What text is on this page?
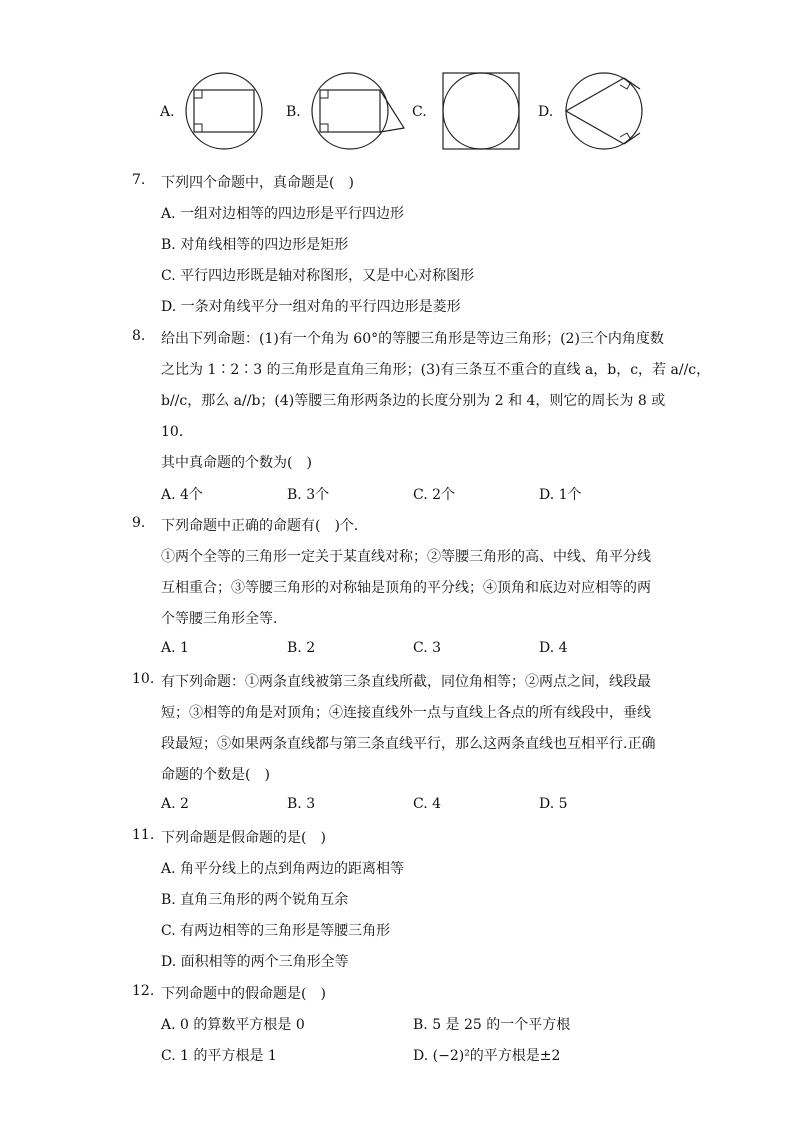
A.	B.	C.	D.
7. 下列四个命题中，真命题是(　)
A. 一组对边相等的四边形是平行四边形
B. 对角线相等的四边形是矩形
C. 平行四边形既是轴对称图形，又是中心对称图形
D. 一条对角线平分一组对角的平行四边形是菱形
8. 给出下列命题：(1)有一个角为 60°的等腰三角形是等边三角形；(2)三个内角度数
之比为 1∶2∶3 的三角形是直角三角形；(3)有三条互不重合的直线 a，b，c，若 a//c，
b//c，那么 a//b；(4)等腰三角形两条边的长度分别为 2 和 4，则它的周长为 8 或
10．
其中真命题的个数为(　)
A. 4个	B. 3个	C. 2个	D. 1个
9. 下列命题中正确的命题有(　)个．
①两个全等的三角形一定关于某直线对称；②等腰三角形的高、中线、角平分线
互相重合；③等腰三角形的对称轴是顶角的平分线；④顶角和底边对应相等的两
个等腰三角形全等．
A. 1	B. 2	C. 3	D. 4
10. 有下列命题：①两条直线被第三条直线所截，同位角相等；②两点之间，线段最
短；③相等的角是对顶角；④连接直线外一点与直线上各点的所有线段中，垂线
段最短；⑤如果两条直线都与第三条直线平行，那么这两条直线也互相平行.正确
命题的个数是(　)
A. 2	B. 3	C. 4	D. 5
11. 下列命题是假命题的是(　)
A. 角平分线上的点到角两边的距离相等
B. 直角三角形的两个锐角互余
C. 有两边相等的三角形是等腰三角形
D. 面积相等的两个三角形全等
12. 下列命题中的假命题是(　)
A. 0 的算数平方根是 0	B. 5 是 25 的一个平方根
C. 1 的平方根是 1	D. (−2)²的平方根是±2
